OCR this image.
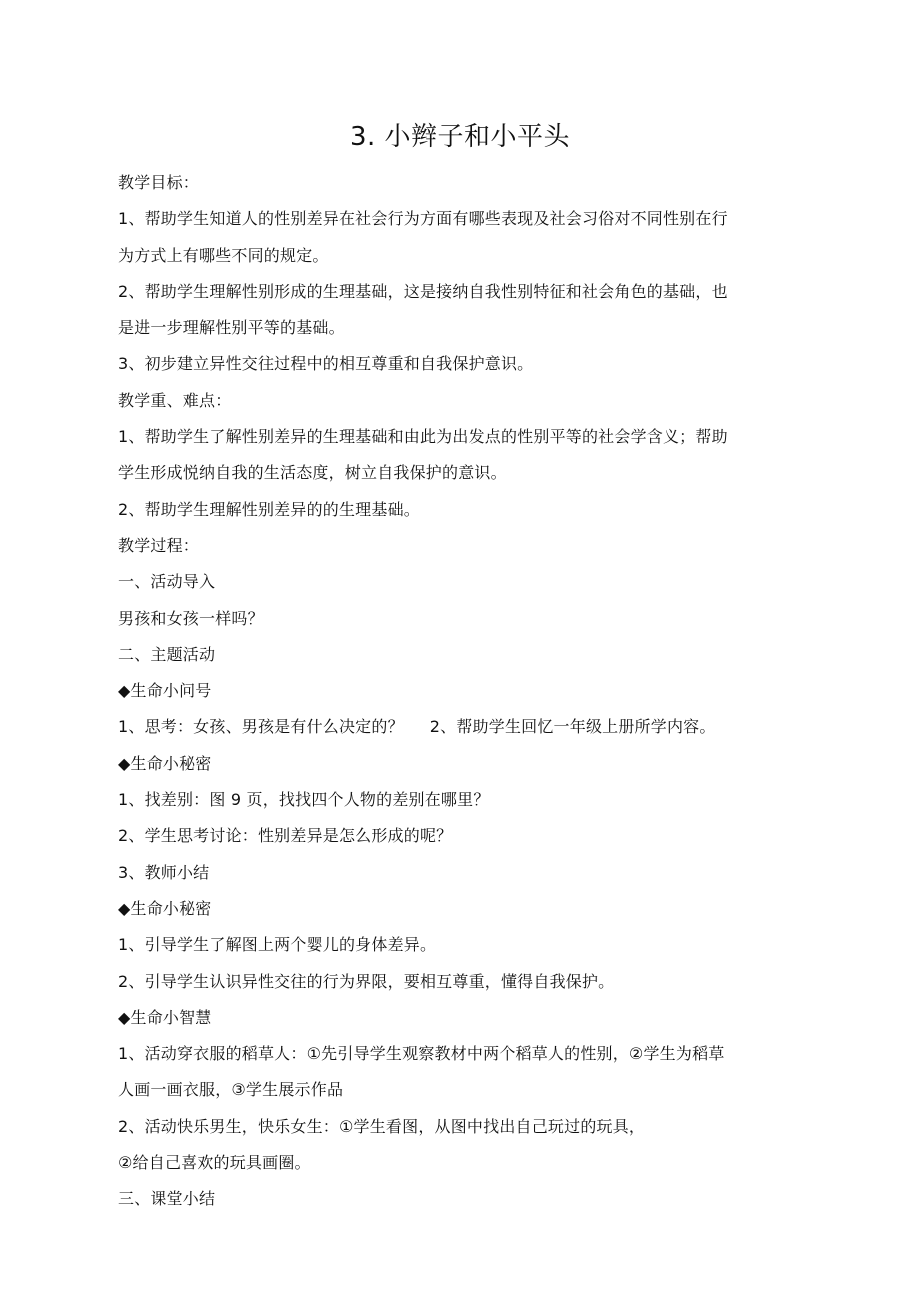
3. 小辫子和小平头
教学目标：
1、帮助学生知道人的性别差异在社会行为方面有哪些表现及社会习俗对不同性别在行
为方式上有哪些不同的规定。
2、帮助学生理解性别形成的生理基础，这是接纳自我性别特征和社会角色的基础，也
是进一步理解性别平等的基础。
3、初步建立异性交往过程中的相互尊重和自我保护意识。
教学重、难点：
1、帮助学生了解性别差异的生理基础和由此为出发点的性别平等的社会学含义；帮助
学生形成悦纳自我的生活态度，树立自我保护的意识。
2、帮助学生理解性别差异的的生理基础。
教学过程：
一、活动导入
男孩和女孩一样吗？
二、主题活动
◆生命小问号
1、思考：女孩、男孩是有什么决定的？ 2、帮助学生回忆一年级上册所学内容。
◆生命小秘密
1、找差别：图 9 页，找找四个人物的差别在哪里？
2、学生思考讨论：性别差异是怎么形成的呢？
3、教师小结
◆生命小秘密
1、引导学生了解图上两个婴儿的身体差异。
2、引导学生认识异性交往的行为界限，要相互尊重，懂得自我保护。
◆生命小智慧
1、活动穿衣服的稻草人：①先引导学生观察教材中两个稻草人的性别，②学生为稻草
人画一画衣服，③学生展示作品
2、活动快乐男生，快乐女生：①学生看图，从图中找出自己玩过的玩具，
②给自己喜欢的玩具画圈。
三、课堂小结
